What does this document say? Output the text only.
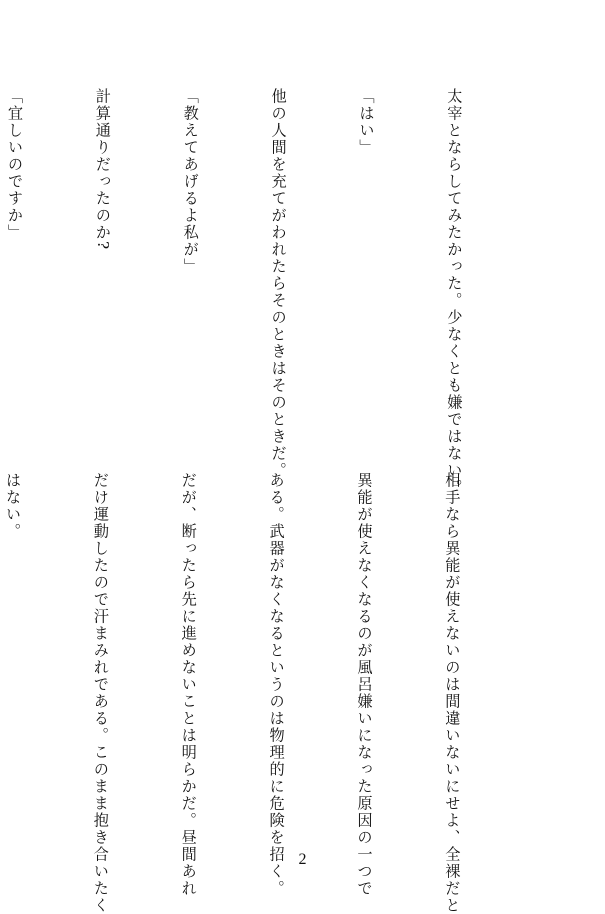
太宰とならしてみたかった。少なくとも嫌ではない。

「はい」

他の人間を充てがわれたらそのときはそのときだ。

「教えてあげるよ私が」

計算通りだったのか?

「宜しいのですか」

相手なら異能が使えないのは間違いないにせよ、全裸だと

異能が使えなくなるのが風呂嫌いになった原因の一つで

ある。武器がなくなるというのは物理的に危険を招く。

だが、断ったら先に進めないことは明らかだ。昼間あれ

だけ運動したので汗まみれである。このまま抱き合いたく

はない。

2
